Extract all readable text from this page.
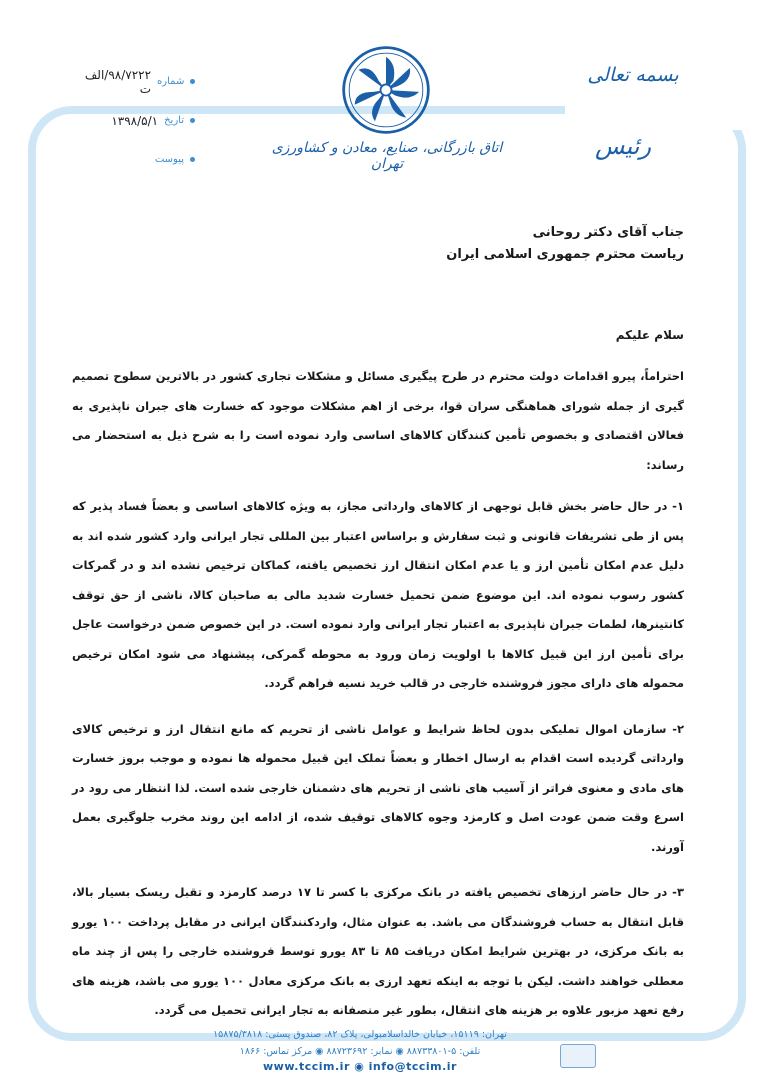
۹۸/۷۲۲۲/الف ت شماره
۱۳۹۸/۵/۱ تاریخ
پیوست
اتاق بازرگانی، صنایع، معادن و کشاورزی تهران
بسمه تعالی
رئیس
جناب آقای دکتر روحانی
ریاست محترم جمهوری اسلامی ایران
سلام علیکم

احتراماً، پیرو اقدامات دولت محترم در طرح پیگیری مسائل و مشکلات تجاری کشور در بالاترین سطوح تصمیم گیری از جمله شورای هماهنگی سران قوا، برخی از اهم مشکلات موجود که خسارت های جبران ناپذیری به فعالان اقتصادی و بخصوص تأمین کنندگان کالاهای اساسی وارد نموده است را به شرح ذیل به استحضار می رساند:

۱- در حال حاضر بخش قابل توجهی از کالاهای وارداتی مجاز، به ویژه کالاهای اساسی و بعضاً فساد پذیر که پس از طی تشریفات قانونی و ثبت سفارش و براساس اعتبار بین المللی تجار ایرانی وارد کشور شده اند به دلیل عدم امکان تأمین ارز و یا عدم امکان انتقال ارز تخصیص یافته، کماکان ترخیص نشده اند و در گمرکات کشور رسوب نموده اند. این موضوع ضمن تحمیل خسارت شدید مالی به صاحبان کالا، ناشی از حق توقف کانتینرها، لطمات جبران ناپذیری به اعتبار تجار ایرانی وارد نموده است. در این خصوص ضمن درخواست عاجل برای تأمین ارز این قبیل کالاها با اولویت زمان ورود به محوطه گمرکی، پیشنهاد می شود امکان ترخیص محموله های دارای مجوز فروشنده خارجی در قالب خرید نسیه فراهم گردد.

۲- سازمان اموال تملیکی بدون لحاظ شرایط و عوامل ناشی از تحریم که مانع انتقال ارز و ترخیص کالای وارداتی گردیده است اقدام به ارسال اخطار و بعضاً تملک این قبیل محموله ها نموده و موجب بروز خسارت های مادی و معنوی فراتر از آسیب های ناشی از تحریم های دشمنان خارجی شده است. لذا انتظار می رود در اسرع وقت ضمن عودت اصل و کارمزد وجوه کالاهای توقیف شده، از ادامه این روند مخرب جلوگیری بعمل آورند.

۳- در حال حاضر ارزهای تخصیص یافته در بانک مرکزی با کسر تا ۱۷ درصد کارمزد و تقبل ریسک بسیار بالا، قابل انتقال به حساب فروشندگان می باشد. به عنوان مثال، واردکنندگان ایرانی در مقابل پرداخت ۱۰۰ یورو به بانک مرکزی، در بهترین شرایط امکان دریافت ۸۵ تا ۸۳ یورو توسط فروشنده خارجی را پس از چند ماه معطلی خواهند داشت. لیکن با توجه به اینکه تعهد ارزی به بانک مرکزی معادل ۱۰۰ یورو می باشد، هزینه های رفع تعهد مزبور علاوه بر هزینه های انتقال، بطور غیر منصفانه به تجار ایرانی تحمیل می گردد.

تهران: ۱۵۱۱۹، خیابان خالداسلامبولی، پلاک ۸۲، صندوق پستی: ۱۵۸۷۵/۳۸۱۸
تلفن: ۵-۸۸۷۳۳۸۰۱ ◉ نمابر: ۸۸۷۲۳۶۹۲ ◉ مرکز تماس: ۱۸۶۶
www.tccim.ir ◉ info@tccim.ir
